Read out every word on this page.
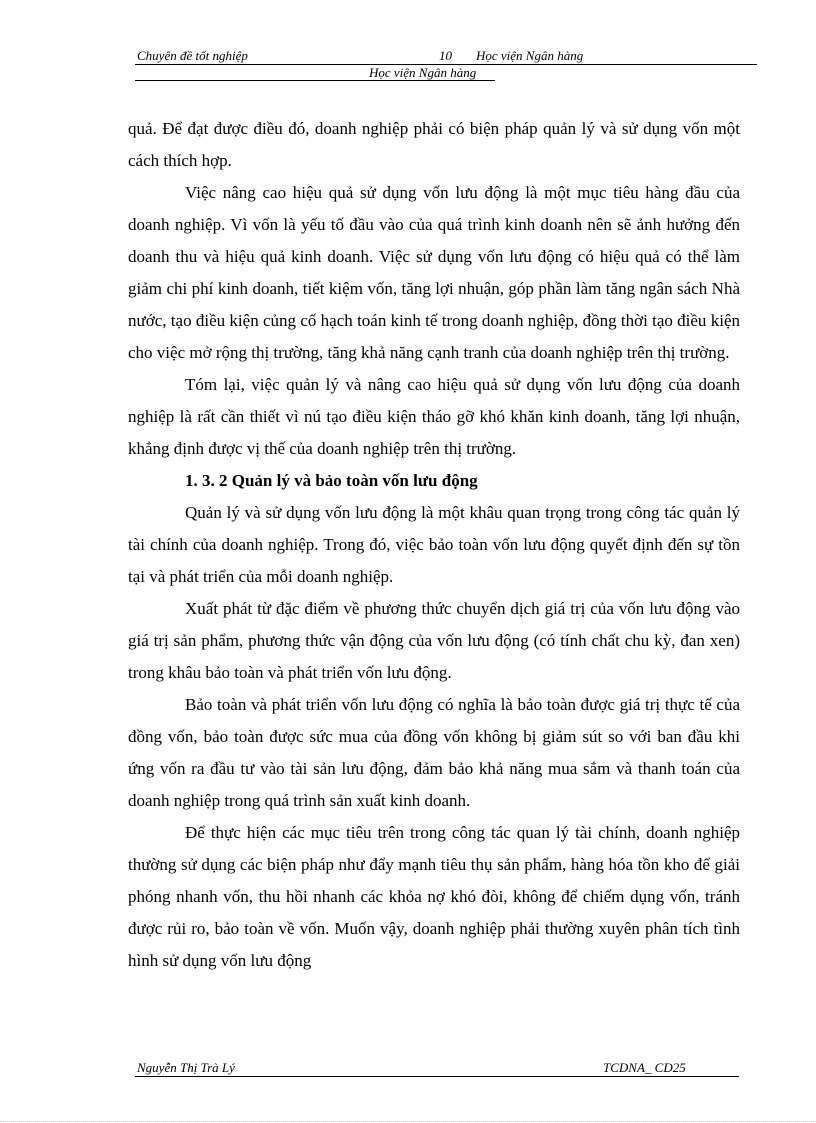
Chuyên đề tốt nghiệp	10 Học viện Ngân hàng
Học viện Ngân hàng

quả. Để đạt được điều đó, doanh nghiệp phải có biện pháp quản lý và sử dụng vốn một cách thích hợp.

Việc nâng cao hiệu quả sử dụng vốn lưu động là một mục tiêu hàng đầu của doanh nghiệp. Vì vốn là yếu tố đầu vào của quá trình kinh doanh nên sẽ ảnh hưởng đến doanh thu và hiệu quả kinh doanh. Việc sử dụng vốn lưu động có hiệu quả có thể làm giảm chi phí kinh doanh, tiết kiệm vốn, tăng lợi nhuận, góp phần làm tăng ngân sách Nhà nước, tạo điều kiện củng cố hạch toán kinh tế trong doanh nghiệp, đồng thời tạo điều kiện cho việc mở rộng thị trường, tăng khả năng cạnh tranh của doanh nghiệp trên thị trường.

Tóm lại, việc quản lý và nâng cao hiệu quả sử dụng vốn lưu động của doanh nghiệp là rất cần thiết vì nú tạo điều kiện tháo gỡ khó khăn kinh doanh, tăng lợi nhuận, khẳng định được vị thế của doanh nghiệp trên thị trường.

1. 3. 2 Quản lý và bảo toàn vốn lưu động

Quản lý và sử dụng vốn lưu động là một khâu quan trọng trong công tác quản lý tài chính của doanh nghiệp. Trong đó, việc bảo toàn vốn lưu động quyết định đến sự tồn tại và phát triển của mỗi doanh nghiệp.

Xuất phát từ đặc điểm về phương thức chuyển dịch giá trị của vốn lưu động vào giá trị sản phẩm, phương thức vận động của vốn lưu động (có tính chất chu kỳ, đan xen) trong khâu bảo toàn và phát triển vốn lưu động.

Bảo toàn và phát triển vốn lưu động có nghĩa là bảo toàn được giá trị thực tế của đồng vốn, bảo toàn được sức mua của đồng vốn không bị giảm sút so với ban đầu khi ứng vốn ra đầu tư vào tài sản lưu động, đảm bảo khả năng mua sắm và thanh toán của doanh nghiệp trong quá trình sản xuất kinh doanh.

Để thực hiện các mục tiêu trên trong công tác quan lý tài chính, doanh nghiệp thường sử dụng các biện pháp như đẩy mạnh tiêu thụ sản phẩm, hàng hóa tồn kho để giải phóng nhanh vốn, thu hồi nhanh các khỏa nợ khó đòi, không để chiếm dụng vốn, tránh được rủi ro, bảo toàn về vốn. Muốn vậy, doanh nghiệp phải thường xuyên phân tích tình hình sử dụng vốn lưu động

Nguyễn Thị Trà Lý	TCDNA_ CD25
